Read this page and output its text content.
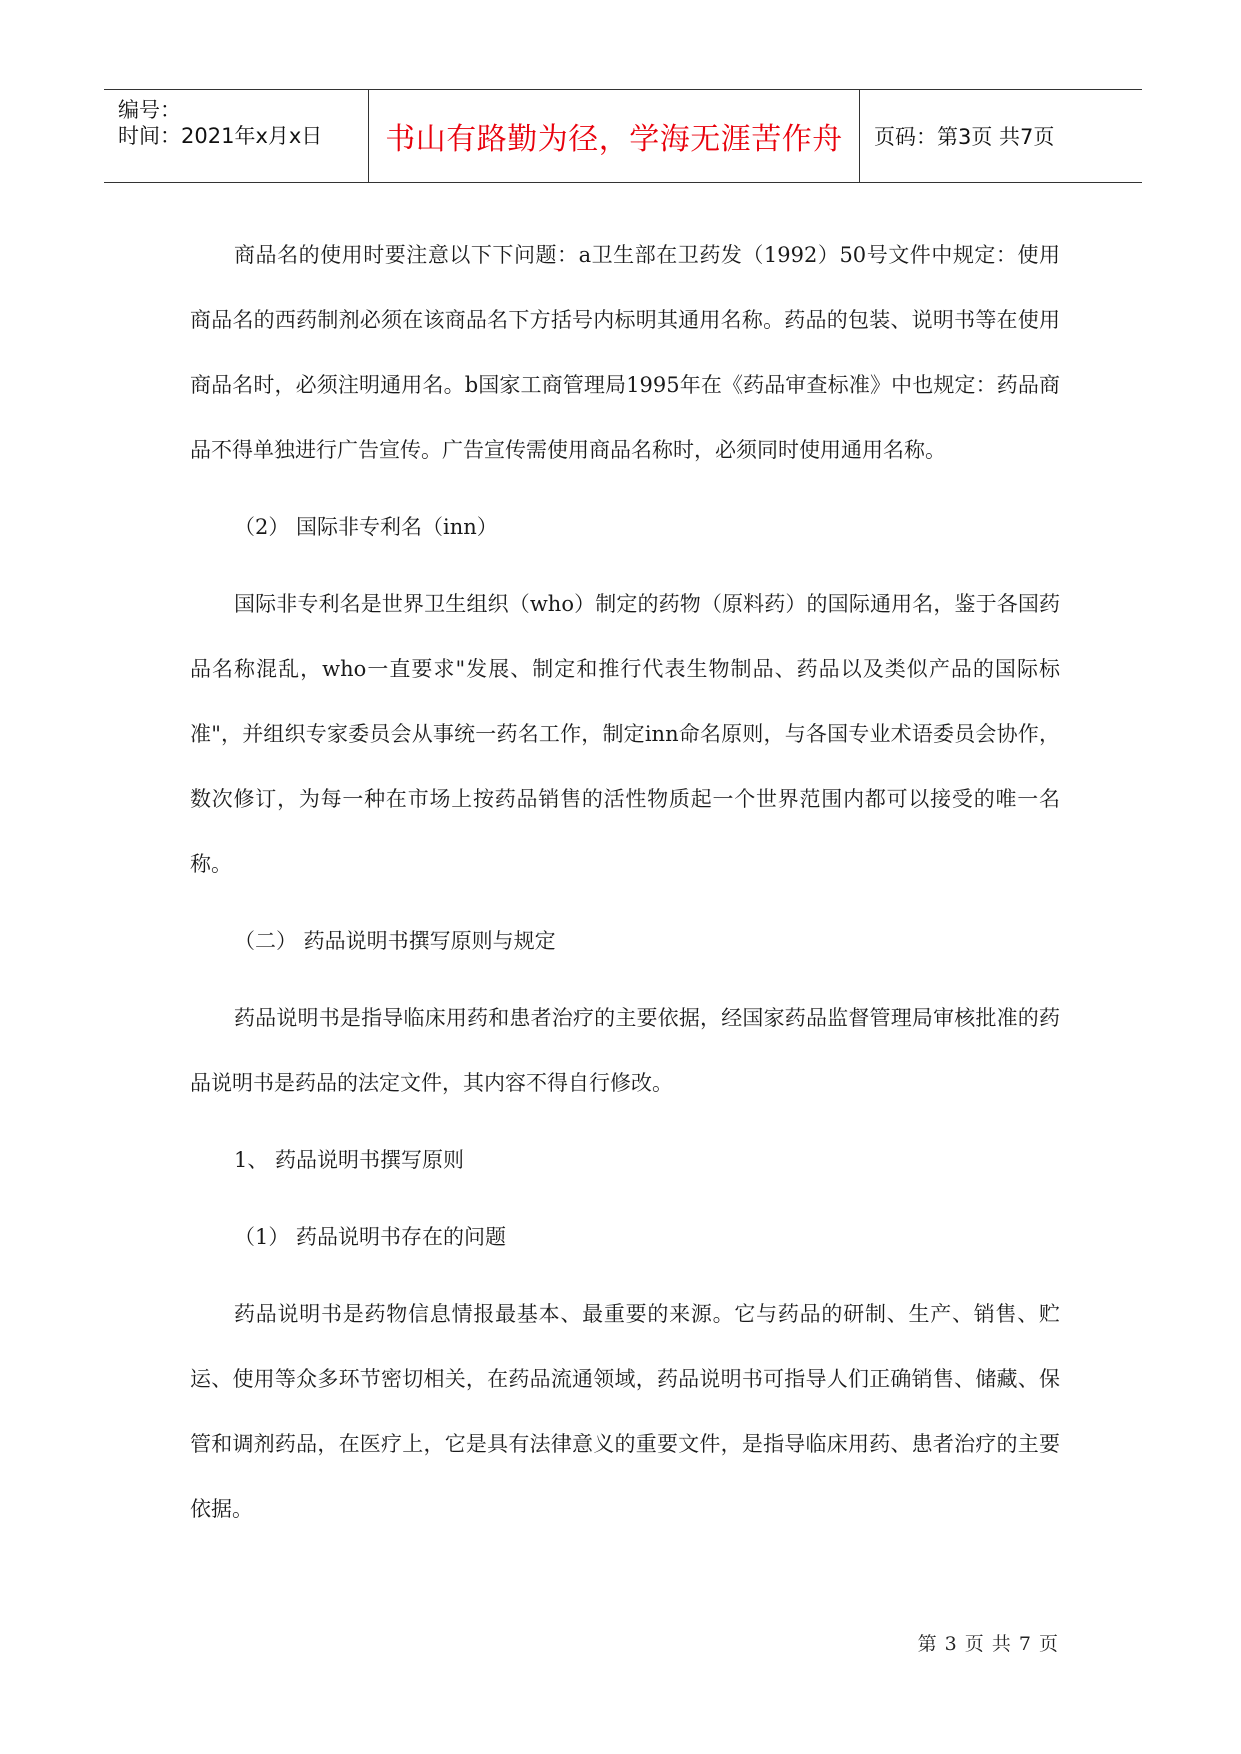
编号：
时间：2021年x月x日 书山有路勤为径，学海无涯苦作舟 页码：第3页 共7页

商品名的使用时要注意以下下问题：a卫生部在卫药发（1992）50号文件中规定：使用商品名的西药制剂必须在该商品名下方括号内标明其通用名称。药品的包装、说明书等在使用商品名时，必须注明通用名。b国家工商管理局1995年在《药品审查标准》中也规定：药品商品不得单独进行广告宣传。广告宣传需使用商品名称时，必须同时使用通用名称。

（2） 国际非专利名（inn）

国际非专利名是世界卫生组织（who）制定的药物（原料药）的国际通用名，鉴于各国药品名称混乱，who一直要求"发展、制定和推行代表生物制品、药品以及类似产品的国际标准"，并组织专家委员会从事统一药名工作，制定inn命名原则，与各国专业术语委员会协作，数次修订，为每一种在市场上按药品销售的活性物质起一个世界范围内都可以接受的唯一名称。

（二） 药品说明书撰写原则与规定

药品说明书是指导临床用药和患者治疗的主要依据，经国家药品监督管理局审核批准的药品说明书是药品的法定文件，其内容不得自行修改。

1、 药品说明书撰写原则

（1） 药品说明书存在的问题

药品说明书是药物信息情报最基本、最重要的来源。它与药品的研制、生产、销售、贮运、使用等众多环节密切相关，在药品流通领域，药品说明书可指导人们正确销售、储藏、保管和调剂药品，在医疗上，它是具有法律意义的重要文件，是指导临床用药、患者治疗的主要依据。

第 3 页 共 7 页
